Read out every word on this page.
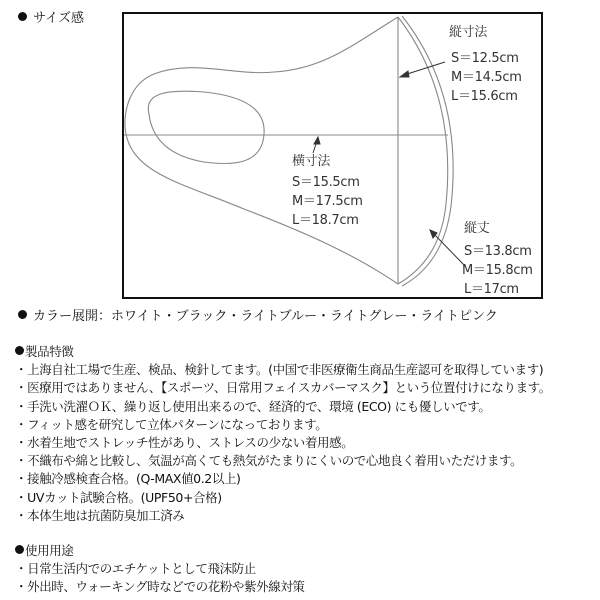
サイズ感
縦寸法
S＝12.5cm
M＝14.5cm
L＝15.6cm
横寸法
S＝15.5cm
M＝17.5cm
L＝18.7cm
縦丈
S＝13.8cm
M＝15.8cm
L＝17cm
カラー展開：ホワイト・ブラック・ライトブルー・ライトグレー・ライトピンク
製品特徴
・ 上海自社工場で生産、検品、検針してます。(中国で非医療衛生商品生産認可を取得しています)
・ 医療用ではありません、【スポーツ、日常用フェイスカバーマスク】という位置付けになります。
・ 手洗い洗濯ＯＫ、繰り返し使用出来るので、経済的で、環境 (ECO) にも優しいです。
・ フィット感を研究して立体パターンになっております。
・ 水着生地でストレッチ性があり、ストレスの少ない着用感。
・ 不織布や綿と比較し、気温が高くても熱気がたまりにくいので心地良く着用いただけます。
・ 接触冷感検査合格。(Q-MAX値0.2以上)
・ UVカット試験合格。(UPF50+合格)
・ 本体生地は抗菌防臭加工済み
使用用途
・ 日常生活内でのエチケットとして飛沫防止
・ 外出時、ウォーキング時などでの花粉や紫外線対策
